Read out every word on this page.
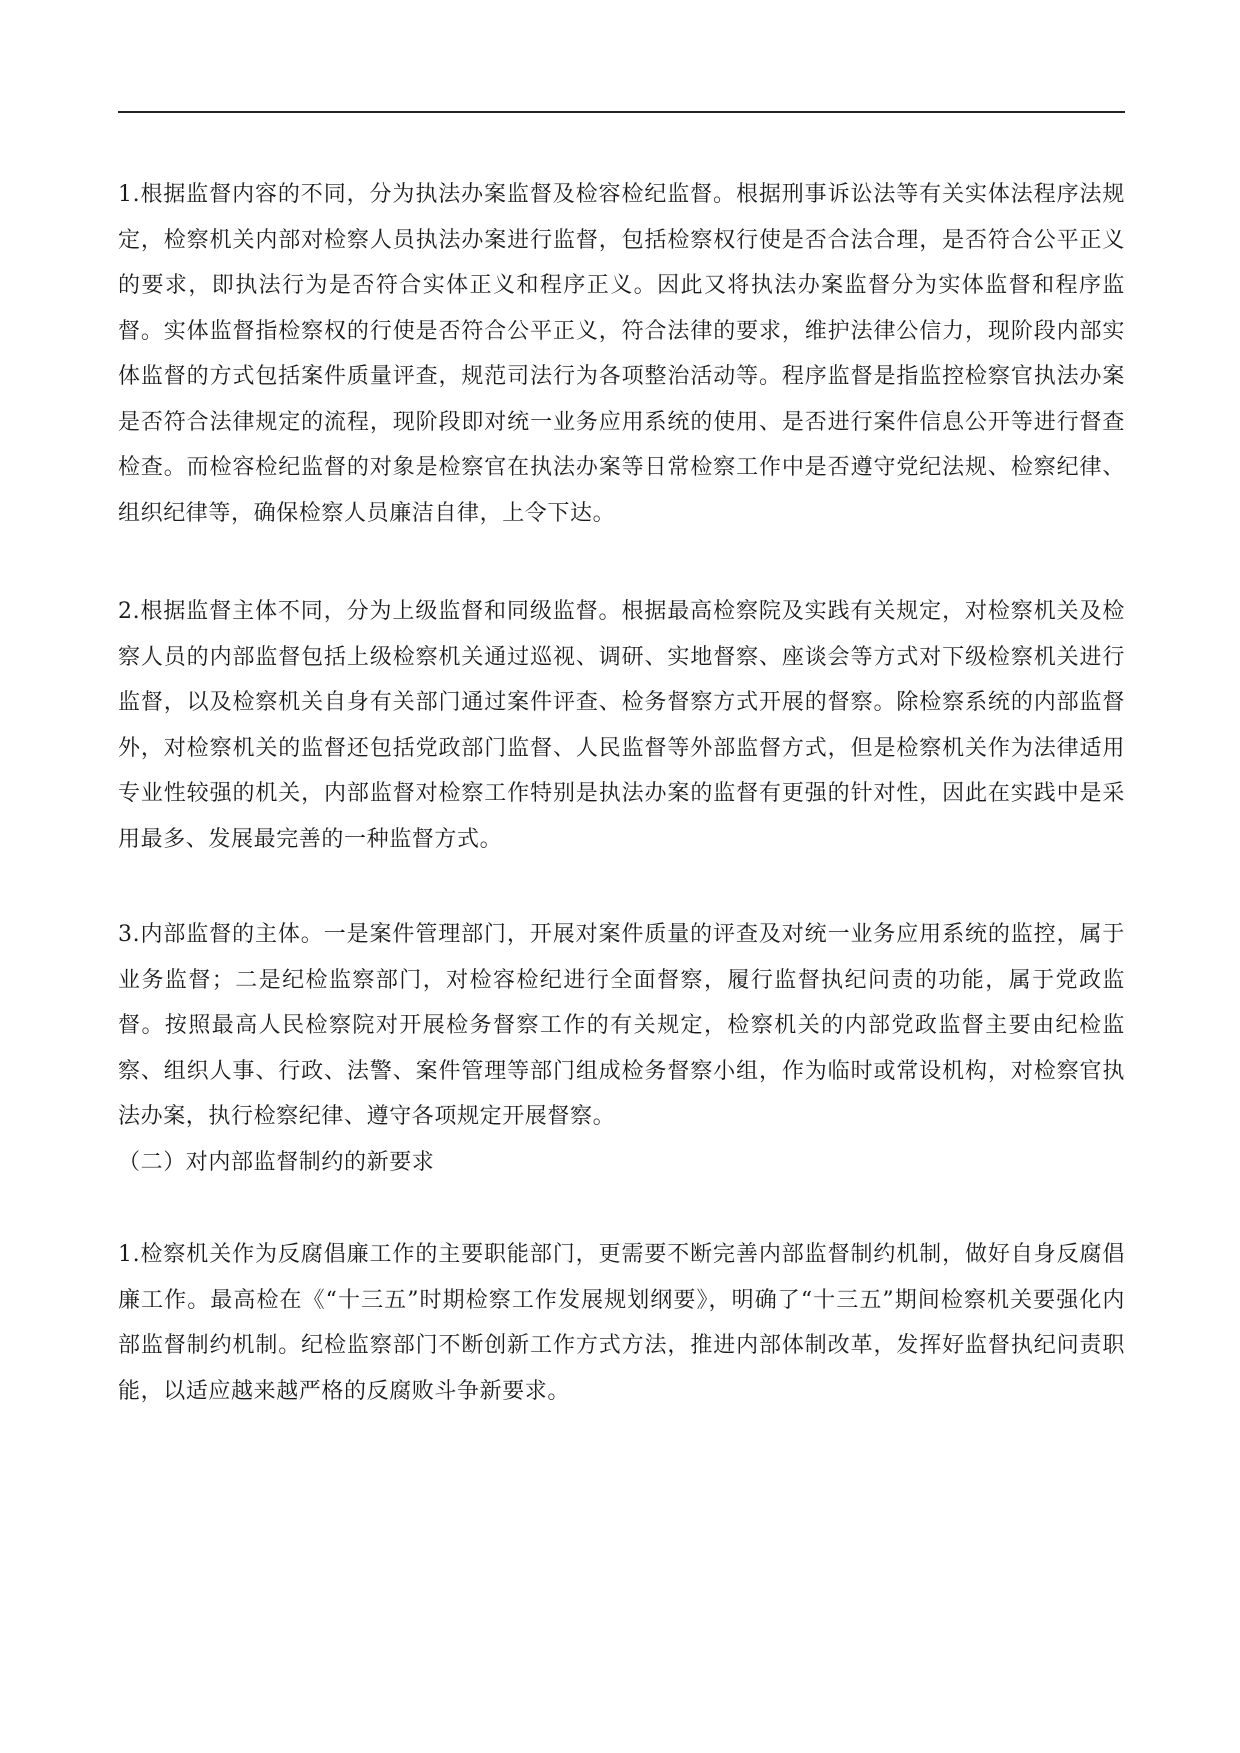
1.根据监督内容的不同，分为执法办案监督及检容检纪监督。根据刑事诉讼法等有关实体法程序法规定，检察机关内部对检察人员执法办案进行监督，包括检察权行使是否合法合理，是否符合公平正义的要求，即执法行为是否符合实体正义和程序正义。因此又将执法办案监督分为实体监督和程序监督。实体监督指检察权的行使是否符合公平正义，符合法律的要求，维护法律公信力，现阶段内部实体监督的方式包括案件质量评查，规范司法行为各项整治活动等。程序监督是指监控检察官执法办案是否符合法律规定的流程，现阶段即对统一业务应用系统的使用、是否进行案件信息公开等进行督查检查。而检容检纪监督的对象是检察官在执法办案等日常检察工作中是否遵守党纪法规、检察纪律、组织纪律等，确保检察人员廉洁自律，上令下达。

2.根据监督主体不同，分为上级监督和同级监督。根据最高检察院及实践有关规定，对检察机关及检察人员的内部监督包括上级检察机关通过巡视、调研、实地督察、座谈会等方式对下级检察机关进行监督，以及检察机关自身有关部门通过案件评查、检务督察方式开展的督察。除检察系统的内部监督外，对检察机关的监督还包括党政部门监督、人民监督等外部监督方式，但是检察机关作为法律适用专业性较强的机关，内部监督对检察工作特别是执法办案的监督有更强的针对性，因此在实践中是采用最多、发展最完善的一种监督方式。

3.内部监督的主体。一是案件管理部门，开展对案件质量的评查及对统一业务应用系统的监控，属于业务监督；二是纪检监察部门，对检容检纪进行全面督察，履行监督执纪问责的功能，属于党政监督。按照最高人民检察院对开展检务督察工作的有关规定，检察机关的内部党政监督主要由纪检监察、组织人事、行政、法警、案件管理等部门组成检务督察小组，作为临时或常设机构，对检察官执法办案，执行检察纪律、遵守各项规定开展督察。

（二）对内部监督制约的新要求

1.检察机关作为反腐倡廉工作的主要职能部门，更需要不断完善内部监督制约机制，做好自身反腐倡廉工作。最高检在《“十三五”时期检察工作发展规划纲要》，明确了“十三五”期间检察机关要强化内部监督制约机制。纪检监察部门不断创新工作方式方法，推进内部体制改革，发挥好监督执纪问责职能，以适应越来越严格的反腐败斗争新要求。
